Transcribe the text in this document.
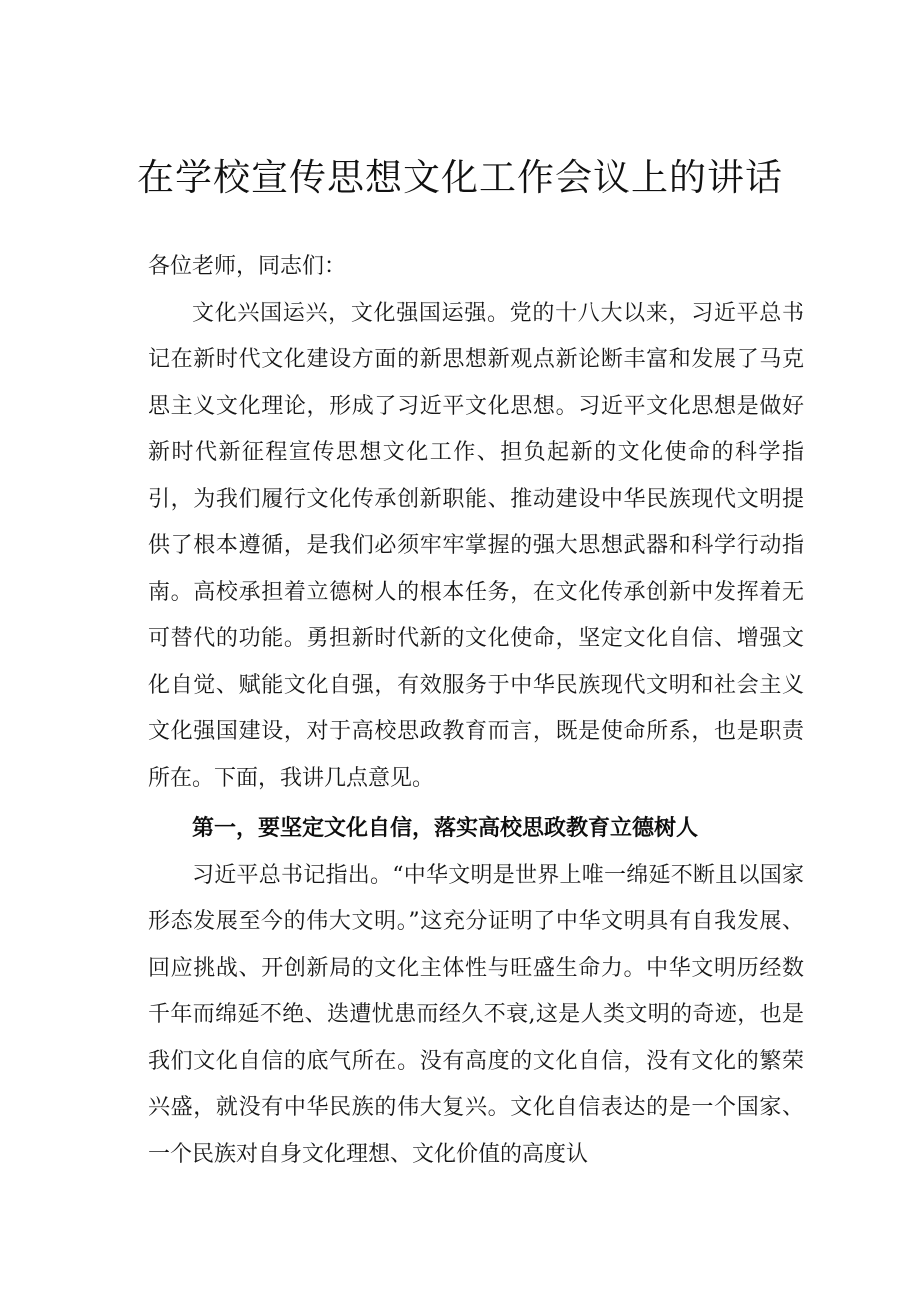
在学校宣传思想文化工作会议上的讲话

各位老师，同志们：

文化兴国运兴，文化强国运强。党的十八大以来，习近平总书记在新时代文化建设方面的新思想新观点新论断丰富和发展了马克思主义文化理论，形成了习近平文化思想。习近平文化思想是做好新时代新征程宣传思想文化工作、担负起新的文化使命的科学指引，为我们履行文化传承创新职能、推动建设中华民族现代文明提供了根本遵循，是我们必须牢牢掌握的强大思想武器和科学行动指南。高校承担着立德树人的根本任务，在文化传承创新中发挥着无可替代的功能。勇担新时代新的文化使命，坚定文化自信、增强文化自觉、赋能文化自强，有效服务于中华民族现代文明和社会主义文化强国建设，对于高校思政教育而言，既是使命所系，也是职责所在。下面，我讲几点意见。

第一，要坚定文化自信，落实高校思政教育立德树人

习近平总书记指出。“中华文明是世界上唯一绵延不断且以国家形态发展至今的伟大文明。”这充分证明了中华文明具有自我发展、回应挑战、开创新局的文化主体性与旺盛生命力。中华文明历经数千年而绵延不绝、迭遭忧患而经久不衰,这是人类文明的奇迹，也是我们文化自信的底气所在。没有高度的文化自信，没有文化的繁荣兴盛，就没有中华民族的伟大复兴。文化自信表达的是一个国家、一个民族对自身文化理想、文化价值的高度认
